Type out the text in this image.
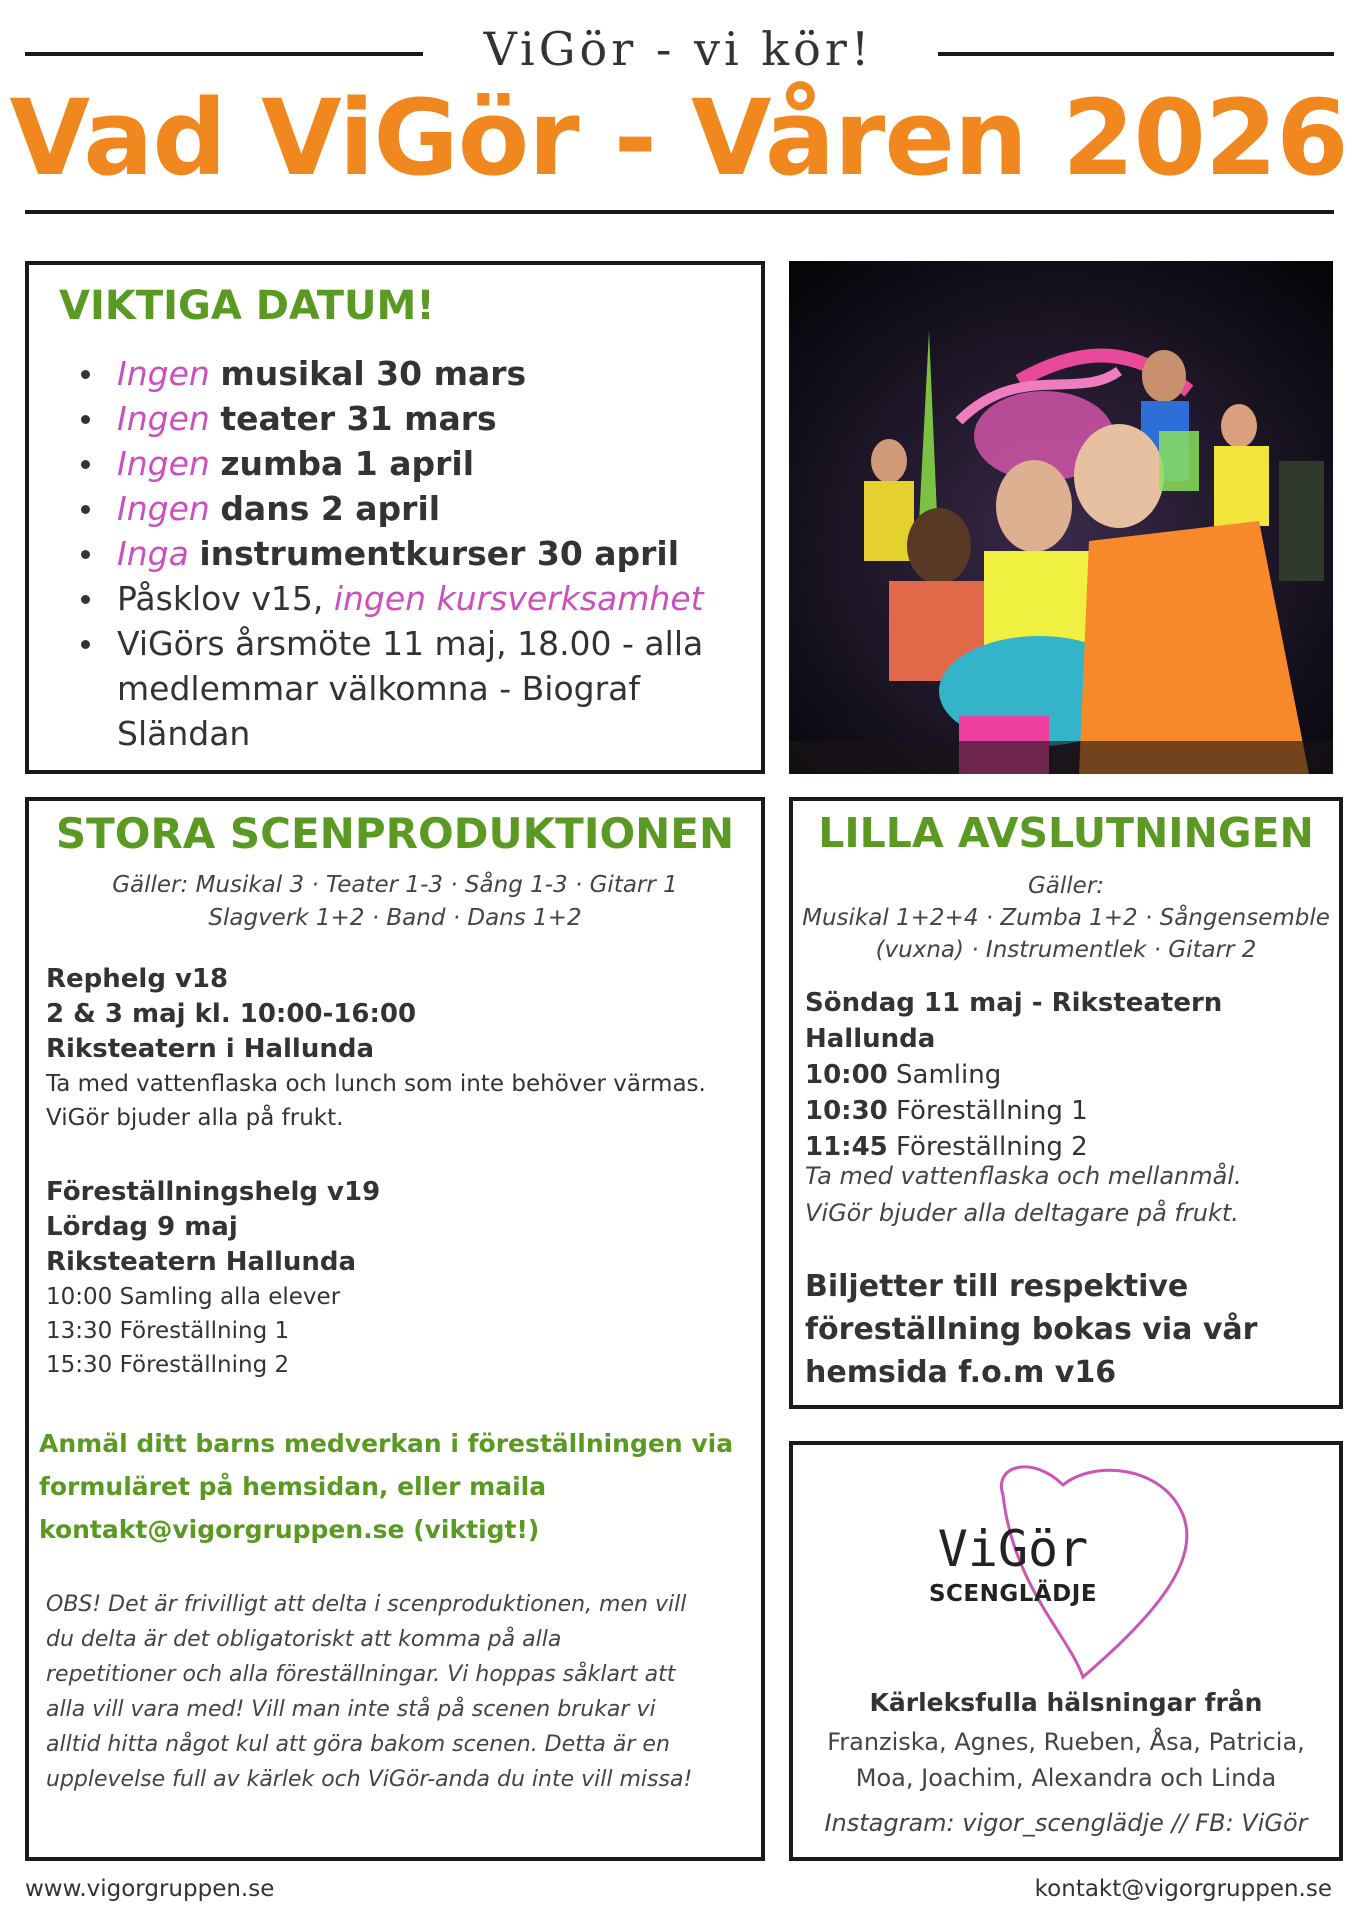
ViGör - vi kör!
Vad ViGör - Våren 2026
VIKTIGA DATUM!
Ingen musikal 30 mars
Ingen teater 31 mars
Ingen zumba 1 april
Ingen dans 2 april
Inga instrumentkurser 30 april
Påsklov v15, ingen kursverksamhet
ViGörs årsmöte 11 maj, 18.00 - alla
medlemmar välkomna - Biograf Sländan
STORA SCENPRODUKTIONEN
Gäller: Musikal 3 · Teater 1-3 · Sång 1-3 · Gitarr 1
Slagverk 1+2 · Band · Dans 1+2
Rephelg v18
2 & 3 maj kl. 10:00-16:00
Riksteatern i Hallunda
Ta med vattenflaska och lunch som inte behöver värmas.
ViGör bjuder alla på frukt.
Föreställningshelg v19
Lördag 9 maj
Riksteatern Hallunda
10:00 Samling alla elever
13:30 Föreställning 1
15:30 Föreställning 2
Anmäl ditt barns medverkan i föreställningen via
formuläret på hemsidan, eller maila
kontakt@vigorgruppen.se (viktigt!)
OBS! Det är frivilligt att delta i scenproduktionen, men vill
du delta är det obligatoriskt att komma på alla
repetitioner och alla föreställningar. Vi hoppas såklart att
alla vill vara med! Vill man inte stå på scenen brukar vi
alltid hitta något kul att göra bakom scenen. Detta är en
upplevelse full av kärlek och ViGör-anda du inte vill missa!
LILLA AVSLUTNINGEN
Gäller:
Musikal 1+2+4 · Zumba 1+2 · Sångensemble
(vuxna) · Instrumentlek · Gitarr 2
Söndag 11 maj - Riksteatern Hallunda
10:00 Samling
10:30 Föreställning 1
11:45 Föreställning 2
Ta med vattenflaska och mellanmål.
ViGör bjuder alla deltagare på frukt.
Biljetter till respektive
föreställning bokas via vår
hemsida f.o.m v16
ViGör
SCENGLÄDJE
Kärleksfulla hälsningar från
Franziska, Agnes, Rueben, Åsa, Patricia,
Moa, Joachim, Alexandra och Linda
Instagram: vigor_scenglädje // FB: ViGör
www.vigorgruppen.se	kontakt@vigorgruppen.se
